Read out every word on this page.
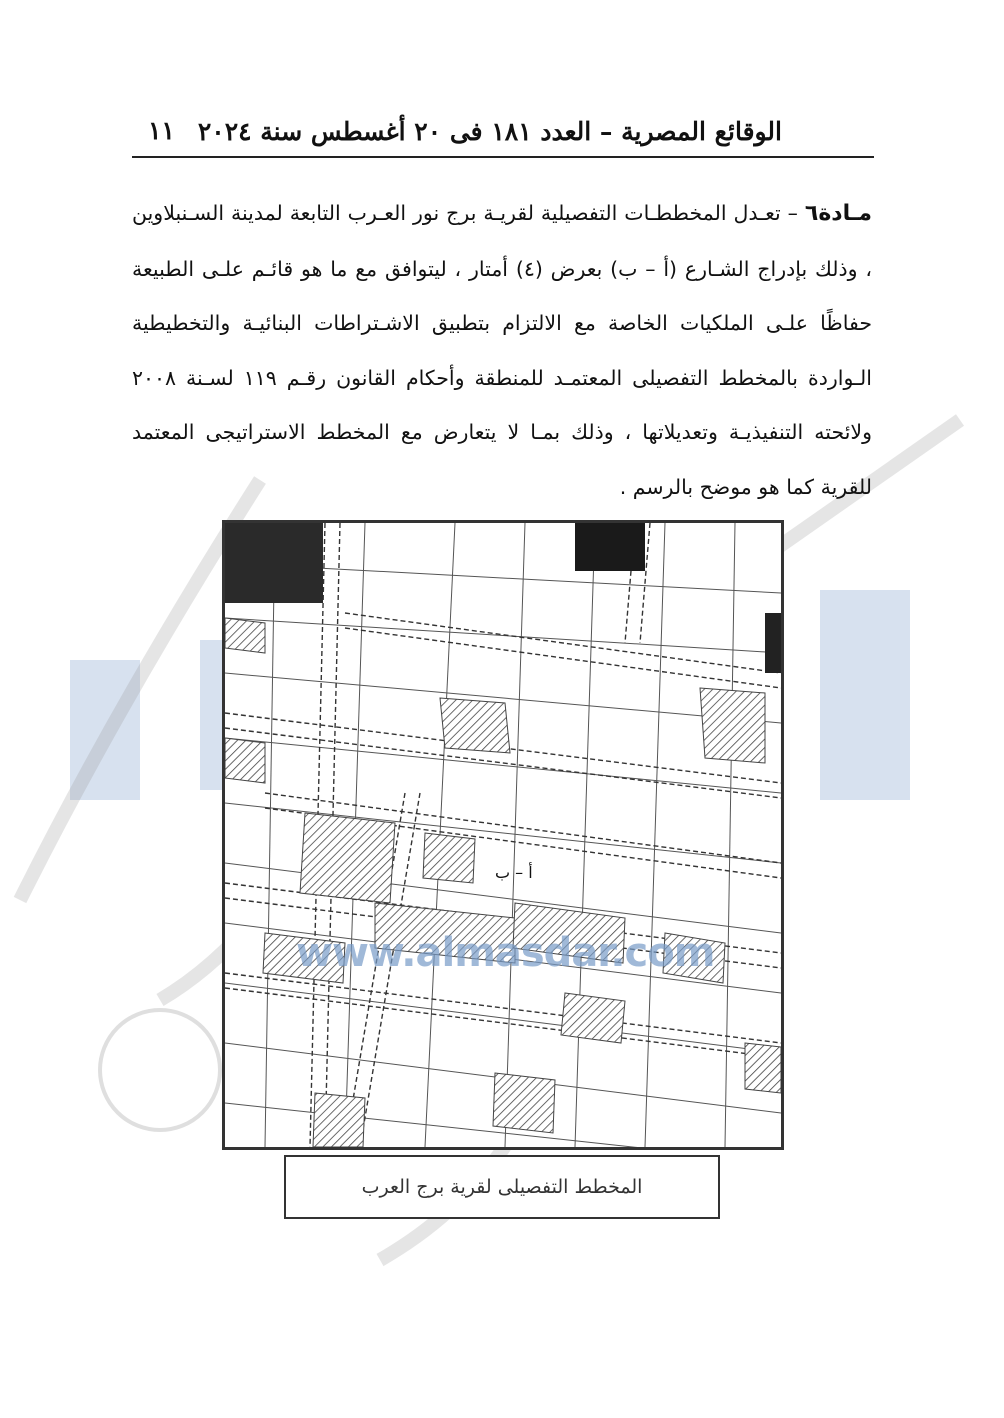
الوقائع المصرية – العدد ١٨١ فى ٢٠ أغسطس سنة ٢٠٢٤
١١
مـادة٦ – تعـدل المخططـات التفصيلية لقريـة برج نور العـرب التابعة لمدينة السـنبلاوين ، وذلك بإدراج الشـارع (أ – ب) بعرض (٤) أمتار ، ليتوافق مع ما هو قائـم علـى الطبيعة حفاظًا علـى الملكيات الخاصة مع الالتزام بتطبيق الاشـتراطات البنائيـة والتخطيطية الـواردة بالمخطط التفصيلى المعتمـد للمنطقة وأحكام القانون رقـم ١١٩ لسـنة ٢٠٠٨ ولائحته التنفيذيـة وتعديلاتها ، وذلك بمـا لا يتعارض مع المخطط الاستراتيجى المعتمد للقرية كما هو موضح بالرسم .
أ – ب
www.almasdar.com
المخطط التفصيلى لقرية برج العرب
